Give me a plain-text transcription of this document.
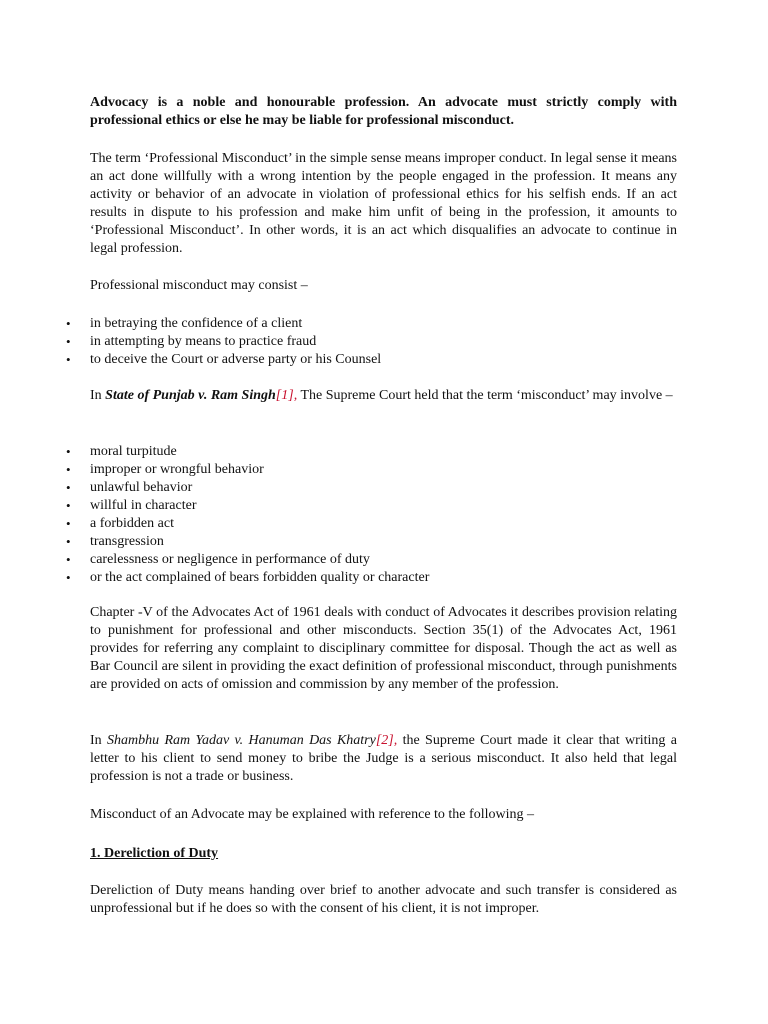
Advocacy is a noble and honourable profession. An advocate must strictly comply with professional ethics or else he may be liable for professional misconduct.

The term ‘Professional Misconduct’ in the simple sense means improper conduct. In legal sense it means an act done willfully with a wrong intention by the people engaged in the profession. It means any activity or behavior of an advocate in violation of professional ethics for his selfish ends. If an act results in dispute to his profession and make him unfit of being in the profession, it amounts to ‘Professional Misconduct’. In other words, it is an act which disqualifies an advocate to continue in legal profession.

Professional misconduct may consist –

•	in betraying the confidence of a client
•	in attempting by means to practice fraud
•	to deceive the Court or adverse party or his Counsel

In State of Punjab v. Ram Singh[1], The Supreme Court held that the term ‘misconduct’ may involve –

•	moral turpitude
•	improper or wrongful behavior
•	unlawful behavior
•	willful in character
•	a forbidden act
•	transgression
•	carelessness or negligence in performance of duty
•	or the act complained of bears forbidden quality or character

Chapter -V of the Advocates Act of 1961 deals with conduct of Advocates it describes provision relating to punishment for professional and other misconducts. Section 35(1) of the Advocates Act, 1961 provides for referring any complaint to disciplinary committee for disposal. Though the act as well as Bar Council are silent in providing the exact definition of professional misconduct, through punishments are provided on acts of omission and commission by any member of the profession.

In Shambhu Ram Yadav v. Hanuman Das Khatry[2], the Supreme Court made it clear that writing a letter to his client to send money to bribe the Judge is a serious misconduct. It also held that legal profession is not a trade or business.

Misconduct of an Advocate may be explained with reference to the following –

1. Dereliction of Duty

Dereliction of Duty means handing over brief to another advocate and such transfer is considered as unprofessional but if he does so with the consent of his client, it is not improper.
